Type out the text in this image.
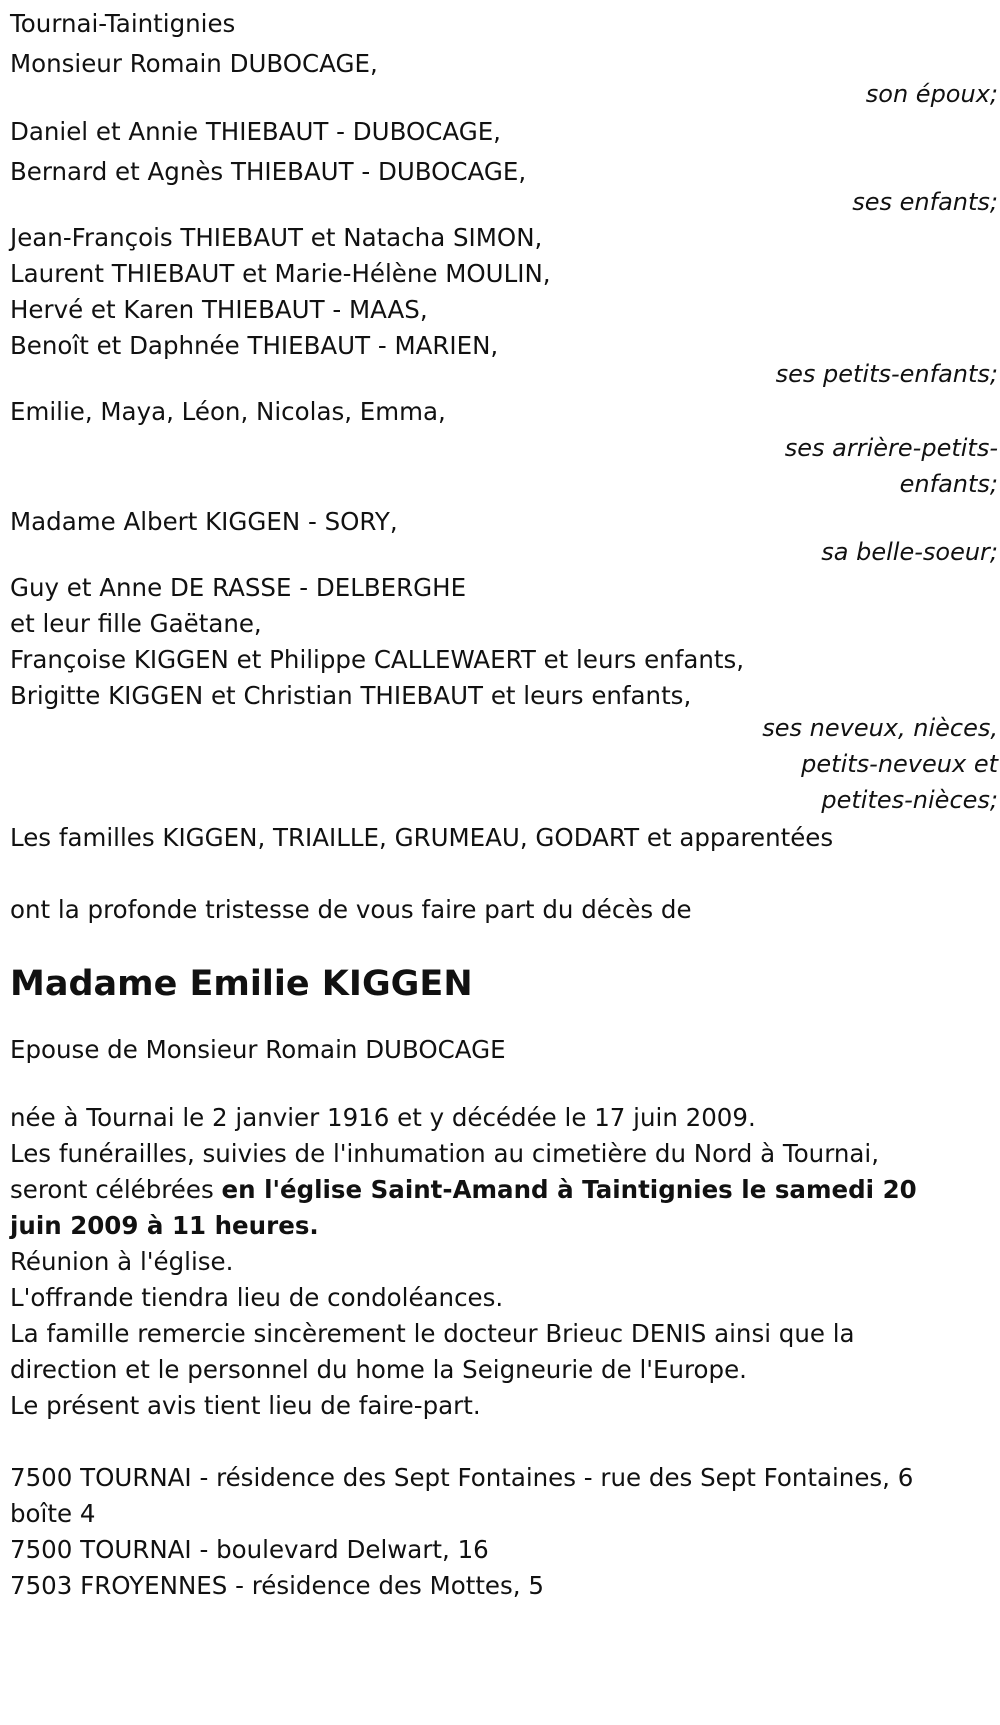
Tournai-Taintignies
Monsieur Romain DUBOCAGE,
son époux;
Daniel et Annie THIEBAUT - DUBOCAGE,
Bernard et Agnès THIEBAUT - DUBOCAGE,
ses enfants;
Jean-François THIEBAUT et Natacha SIMON,
Laurent THIEBAUT et Marie-Hélène MOULIN,
Hervé et Karen THIEBAUT - MAAS,
Benoît et Daphnée THIEBAUT - MARIEN,
ses petits-enfants;
Emilie, Maya, Léon, Nicolas, Emma,
ses arrière-petits-
enfants;
Madame Albert KIGGEN - SORY,
sa belle-soeur;
Guy et Anne DE RASSE - DELBERGHE
et leur fille Gaëtane,
Françoise KIGGEN et Philippe CALLEWAERT et leurs enfants,
Brigitte KIGGEN et Christian THIEBAUT et leurs enfants,
ses neveux, nièces,
petits-neveux et
petites-nièces;
Les familles KIGGEN, TRIAILLE, GRUMEAU, GODART et apparentées
ont la profonde tristesse de vous faire part du décès de
Madame Emilie KIGGEN
Epouse de Monsieur Romain DUBOCAGE
née à Tournai le 2 janvier 1916 et y décédée le 17 juin 2009.
Les funérailles, suivies de l'inhumation au cimetière du Nord à Tournai,
seront célébrées en l'église Saint-Amand à Taintignies le samedi 20
juin 2009 à 11 heures.
Réunion à l'église.
L'offrande tiendra lieu de condoléances.
La famille remercie sincèrement le docteur Brieuc DENIS ainsi que la
direction et le personnel du home la Seigneurie de l'Europe.
Le présent avis tient lieu de faire-part.
7500 TOURNAI - résidence des Sept Fontaines - rue des Sept Fontaines, 6
boîte 4
7500 TOURNAI - boulevard Delwart, 16
7503 FROYENNES - résidence des Mottes, 5
